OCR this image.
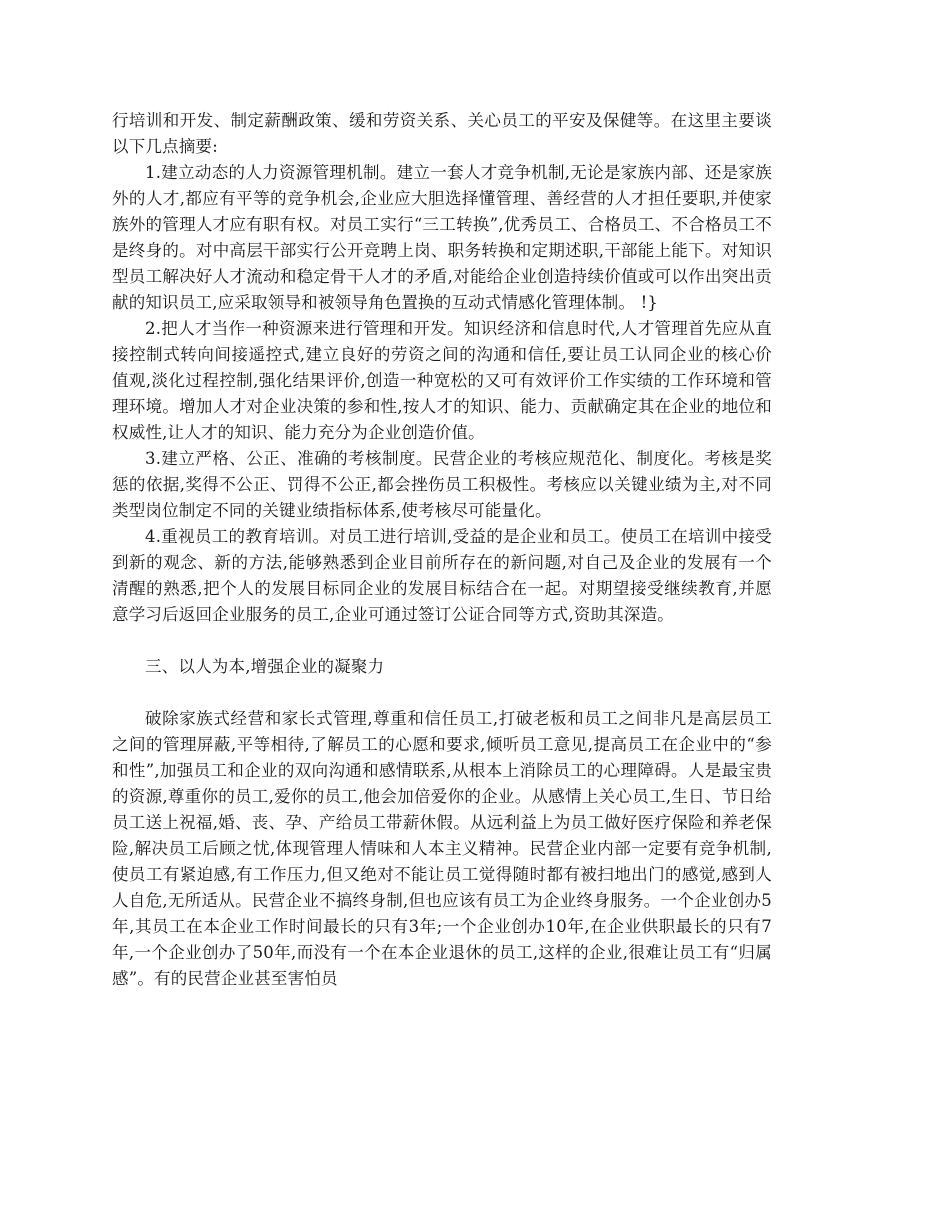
行培训和开发、制定薪酬政策、缓和劳资关系、关心员工的平安及保健等。在这里主要谈以下几点摘要:

1.建立动态的人力资源管理机制。建立一套人才竞争机制,无论是家族内部、还是家族外的人才,都应有平等的竞争机会,企业应大胆选择懂管理、善经营的人才担任要职,并使家族外的管理人才应有职有权。对员工实行“三工转换”,优秀员工、合格员工、不合格员工不是终身的。对中高层干部实行公开竞聘上岗、职务转换和定期述职,干部能上能下。对知识型员工解决好人才流动和稳定骨干人才的矛盾,对能给企业创造持续价值或可以作出突出贡献的知识员工,应采取领导和被领导角色置换的互动式情感化管理体制。 !}

2.把人才当作一种资源来进行管理和开发。知识经济和信息时代,人才管理首先应从直接控制式转向间接遥控式,建立良好的劳资之间的沟通和信任,要让员工认同企业的核心价值观,淡化过程控制,强化结果评价,创造一种宽松的又可有效评价工作实绩的工作环境和管理环境。增加人才对企业决策的参和性,按人才的知识、能力、贡献确定其在企业的地位和权威性,让人才的知识、能力充分为企业创造价值。

3.建立严格、公正、准确的考核制度。民营企业的考核应规范化、制度化。考核是奖惩的依据,奖得不公正、罚得不公正,都会挫伤员工积极性。考核应以关键业绩为主,对不同类型岗位制定不同的关键业绩指标体系,使考核尽可能量化。

4.重视员工的教育培训。对员工进行培训,受益的是企业和员工。使员工在培训中接受到新的观念、新的方法,能够熟悉到企业目前所存在的新问题,对自己及企业的发展有一个清醒的熟悉,把个人的发展目标同企业的发展目标结合在一起。对期望接受继续教育,并愿意学习后返回企业服务的员工,企业可通过签订公证合同等方式,资助其深造。

三、以人为本,增强企业的凝聚力

破除家族式经营和家长式管理,尊重和信任员工,打破老板和员工之间非凡是高层员工之间的管理屏蔽,平等相待,了解员工的心愿和要求,倾听员工意见,提高员工在企业中的“参和性”,加强员工和企业的双向沟通和感情联系,从根本上消除员工的心理障碍。人是最宝贵的资源,尊重你的员工,爱你的员工,他会加倍爱你的企业。从感情上关心员工,生日、节日给员工送上祝福,婚、丧、孕、产给员工带薪休假。从远利益上为员工做好医疗保险和养老保险,解决员工后顾之忧,体现管理人情味和人本主义精神。民营企业内部一定要有竞争机制,使员工有紧迫感,有工作压力,但又绝对不能让员工觉得随时都有被扫地出门的感觉,感到人人自危,无所适从。民营企业不搞终身制,但也应该有员工为企业终身服务。一个企业创办5年,其员工在本企业工作时间最长的只有3年;一个企业创办10年,在企业供职最长的只有7年,一个企业创办了50年,而没有一个在本企业退休的员工,这样的企业,很难让员工有“归属感”。有的民营企业甚至害怕员
